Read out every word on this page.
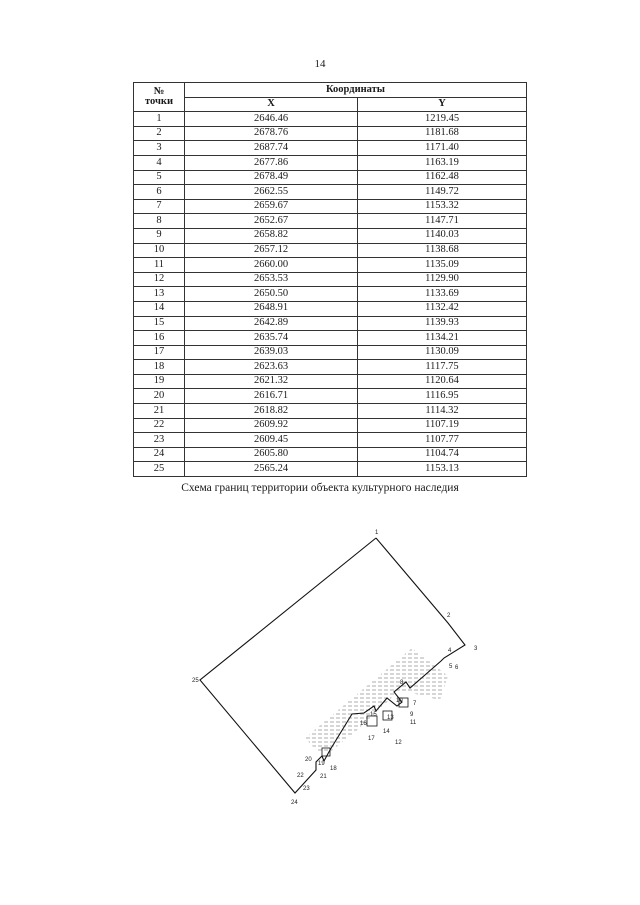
14
№
точки	Координаты	
	X	Y
1	2646.46	1219.45
2	2678.76	1181.68
3	2687.74	1171.40
4	2677.86	1163.19
5	2678.49	1162.48
6	2662.55	1149.72
7	2659.67	1153.32
8	2652.67	1147.71
9	2658.82	1140.03
10	2657.12	1138.68
11	2660.00	1135.09
12	2653.53	1129.90
13	2650.50	1133.69
14	2648.91	1132.42
15	2642.89	1139.93
16	2635.74	1134.21
17	2639.03	1130.09
18	2623.63	1117.75
19	2621.32	1120.64
20	2616.71	1116.95
21	2618.82	1114.32
22	2609.92	1107.19
23	2609.45	1107.77
24	2605.80	1104.74
25	2565.24	1153.13
Схема границ территории объекта культурного наследия
1
2
3
4
5 6
7
8
9
10
11
12
13
14
15
16
17
18
19
20
21
22
23
24
25
